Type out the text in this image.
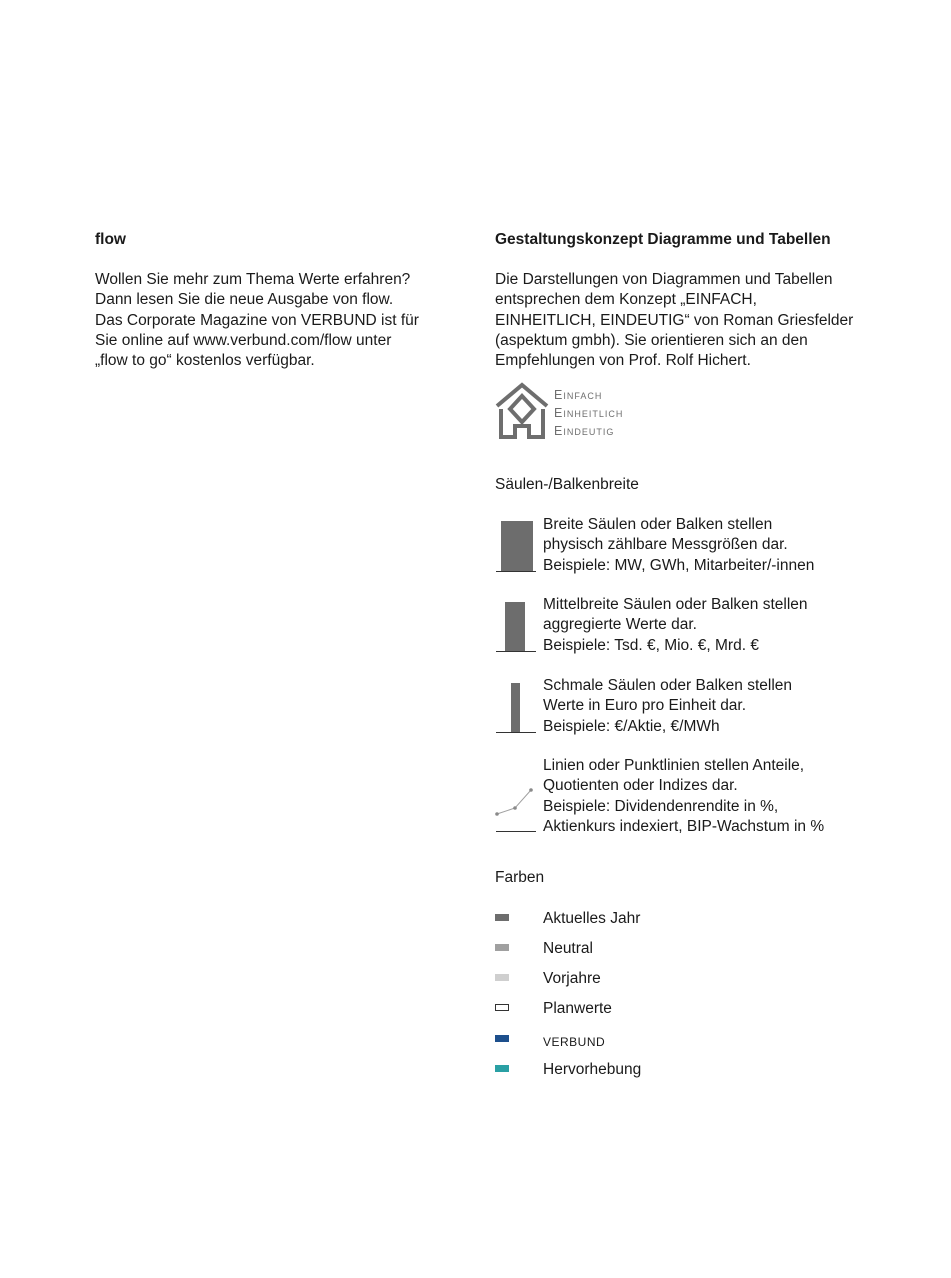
flow

Wollen Sie mehr zum Thema Werte erfahren?
Dann lesen Sie die neue Ausgabe von flow.
Das Corporate Magazine von VERBUND ist für
Sie online auf www.verbund.com/flow unter
„flow to go“ kostenlos verfügbar.

Gestaltungskonzept Diagramme und Tabellen

Die Darstellungen von Diagrammen und Tabellen
entsprechen dem Konzept „EINFACH,
EINHEITLICH, EINDEUTIG“ von Roman Griesfelder
(aspektum gmbh). Sie orientieren sich an den
Empfehlungen von Prof. Rolf Hichert.

Einfach
Einheitlich
Eindeutig
Säulen-/Balkenbreite
Breite Säulen oder Balken stellen
physisch zählbare Messgrößen dar.
Beispiele: MW, GWh, Mitarbeiter/-innen
Mittelbreite Säulen oder Balken stellen
aggregierte Werte dar.
Beispiele: Tsd. €, Mio. €, Mrd. €
Schmale Säulen oder Balken stellen
Werte in Euro pro Einheit dar.
Beispiele: €/Aktie, €/MWh
Linien oder Punktlinien stellen Anteile,
Quotienten oder Indizes dar.
Beispiele: Dividendenrendite in %,
Aktienkurs indexiert, BIP-Wachstum in %
Farben
Aktuelles Jahr
Neutral
Vorjahre
Planwerte
VERBUND
Hervorhebung
